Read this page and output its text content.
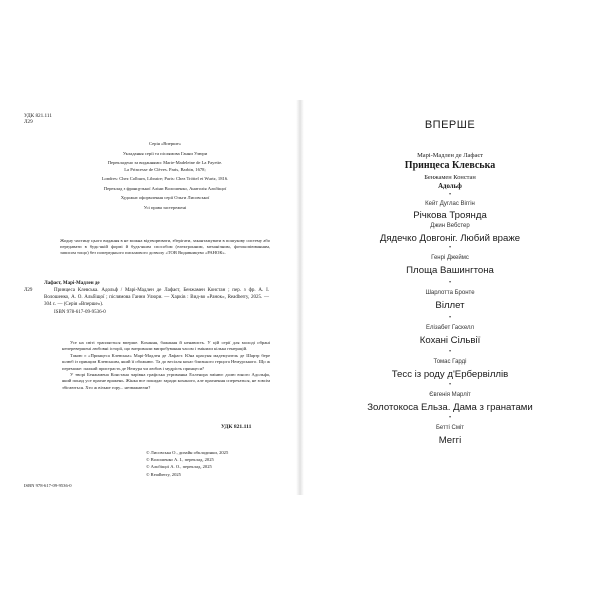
УДК 821.111
Л29
Серія «Вперше»
Укладання серії та післямова Ганни Улюри
Перекладено за виданнями: Marie-Madeleine de La Fayette.
La Princesse de Clèves. Paris, Barbin, 1678;
Londres: Chez Colburn, Libraire; Paris: Chez Tröttel et Wurtz, 1816.
Переклад з французької Аліни Волошенко, Анатолія Альбіщої
Художнє оформлення серії Ольги Лисовської
Усі права застережені
Жодну частину цього видання в не можна відтворювати, зберігати, закантажувати в пошукову систему або передавати в будь-якій формі й будь-яким способом (електронним, механічним, фотокопіюванням, записом тощо) без попереднього письмового дозволу «ТОВ Видавництво «РАНОК».
Л29
Лафаєт, Марі-Мадлен де
Принцеса Клевська. Адольф / Марі-Мадлен де Лафаєт, Бенжамен Констан ; пер. з фр. А. І. Волошенко, А. О. Альбіщої ; післямова Ганни Улюри. — Харків : Вид-во «Ранок», Readberry, 2025. — 304 с. — (Серія «Вперше»).
ISBN 978-617-09-9536-0
Усе на світі трапляється вперше. Кохання, бажання й ненависть. У цій серії для молоді обрані неперевершені любовні історії, що витримали випробування часом і змінили кілька генерацій.
Такою є «Принцеса Клевська» Марі-Мадлен де Лафаєт. Юна красуня мадемуазель де Шартр бере шлюб із принцом Клевським, який її обожнює. Та до весілля кохає близького герцога Немурського. Що ж переможе: палкий пристрасть де Немура чи любов і мудрість принцеси?
У творі Бенжамена Констана чарівна графська утриманка Елленора змінює долю юного Адольфа, який понад усе прагне вражень. Жінка все покидає заради коханого, але прагнення сперечаться, не зовсім збігаються. Хто ж візьме гору... незважаючи?
УДК 821.111
© Лисовська О., дизайн обкладинки, 2025
© Волошенко А. І., переклад, 2025
© Альбіщої А. О., переклад, 2025
© Readberry, 2025
ISBN 978-617-09-9536-0
ВПЕРШЕ
Марі-Мадлен де Лафаєт
Принцеса Клевська
Бенжамен Констан
Адольф
•
Кейт Дуглас Віггін
Річкова Троянда
Джин Вебстер
Дядечко Довгоніг. Любий враже
•
Генрі Джеймс
Площа Вашингтона
•
Шарлотта Бронте
Віллет
•
Елізабет Гаскелл
Кохані Сільвії
•
Томас Гарді
Тесс із роду д'Ербервіллів
•
Євгенія Марліт
Золотокоса Ельза. Дама з гранатами
•
Бетті Сміт
Меггі
